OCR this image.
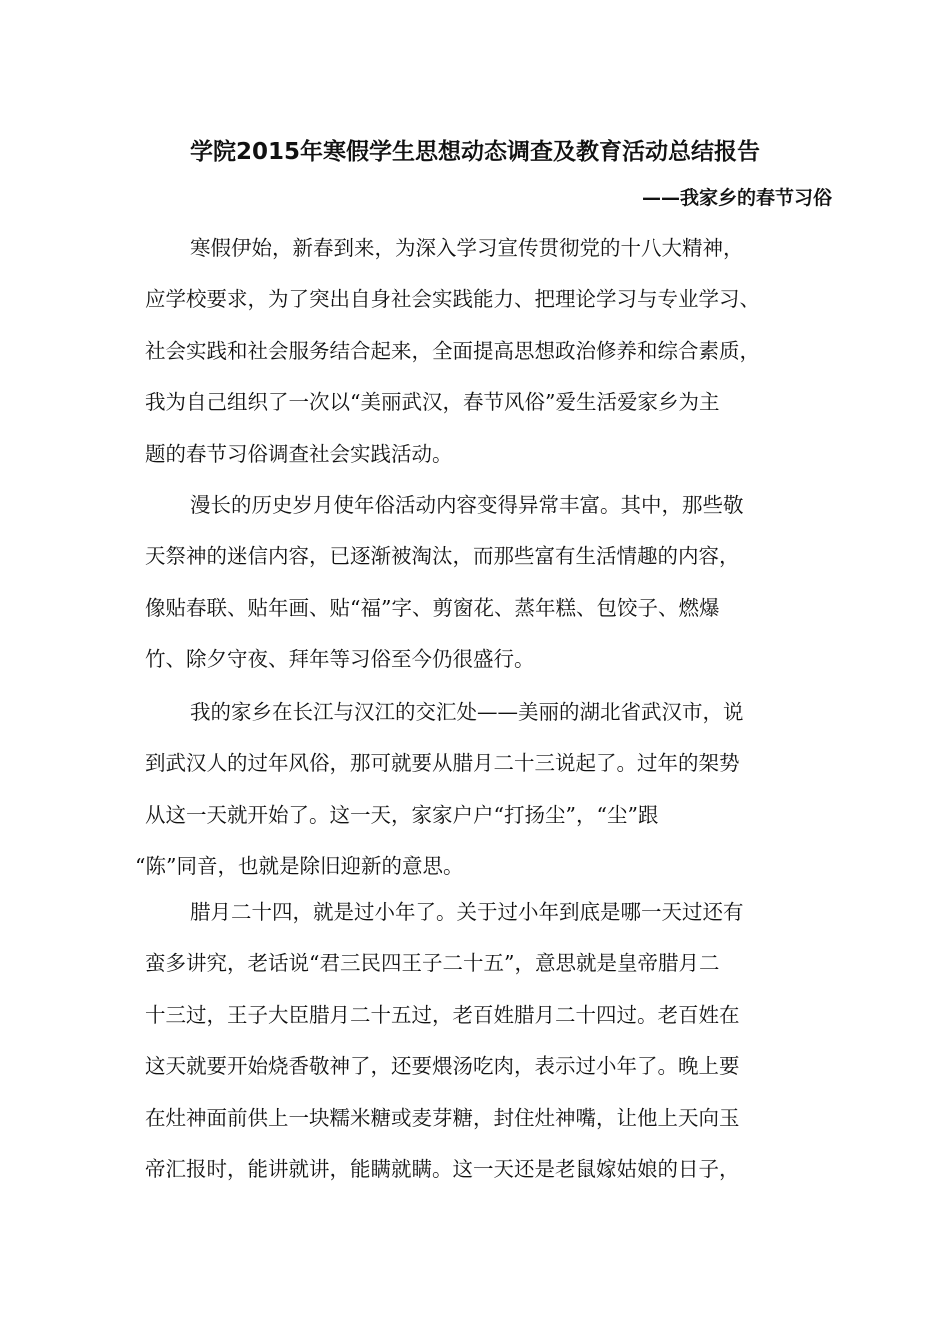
学院2015年寒假学生思想动态调查及教育活动总结报告
——我家乡的春节习俗
寒假伊始，新春到来，为深入学习宣传贯彻党的十八大精神，
应学校要求，为了突出自身社会实践能力、把理论学习与专业学习、
社会实践和社会服务结合起来，全面提高思想政治修养和综合素质，
我为自己组织了一次以“美丽武汉，春节风俗”爱生活爱家乡为主
题的春节习俗调查社会实践活动。
漫长的历史岁月使年俗活动内容变得异常丰富。其中，那些敬
天祭神的迷信内容，已逐渐被淘汰，而那些富有生活情趣的内容，
像贴春联、贴年画、贴“福”字、剪窗花、蒸年糕、包饺子、燃爆
竹、除夕守夜、拜年等习俗至今仍很盛行。
我的家乡在长江与汉江的交汇处——美丽的湖北省武汉市，说
到武汉人的过年风俗，那可就要从腊月二十三说起了。过年的架势
从这一天就开始了。这一天，家家户户“打扬尘”，“尘”跟
“陈”同音，也就是除旧迎新的意思。
腊月二十四，就是过小年了。关于过小年到底是哪一天过还有
蛮多讲究，老话说“君三民四王子二十五”，意思就是皇帝腊月二
十三过，王子大臣腊月二十五过，老百姓腊月二十四过。老百姓在
这天就要开始烧香敬神了，还要煨汤吃肉，表示过小年了。晚上要
在灶神面前供上一块糯米糖或麦芽糖，封住灶神嘴，让他上天向玉
帝汇报时，能讲就讲，能瞒就瞒。这一天还是老鼠嫁姑娘的日子，
